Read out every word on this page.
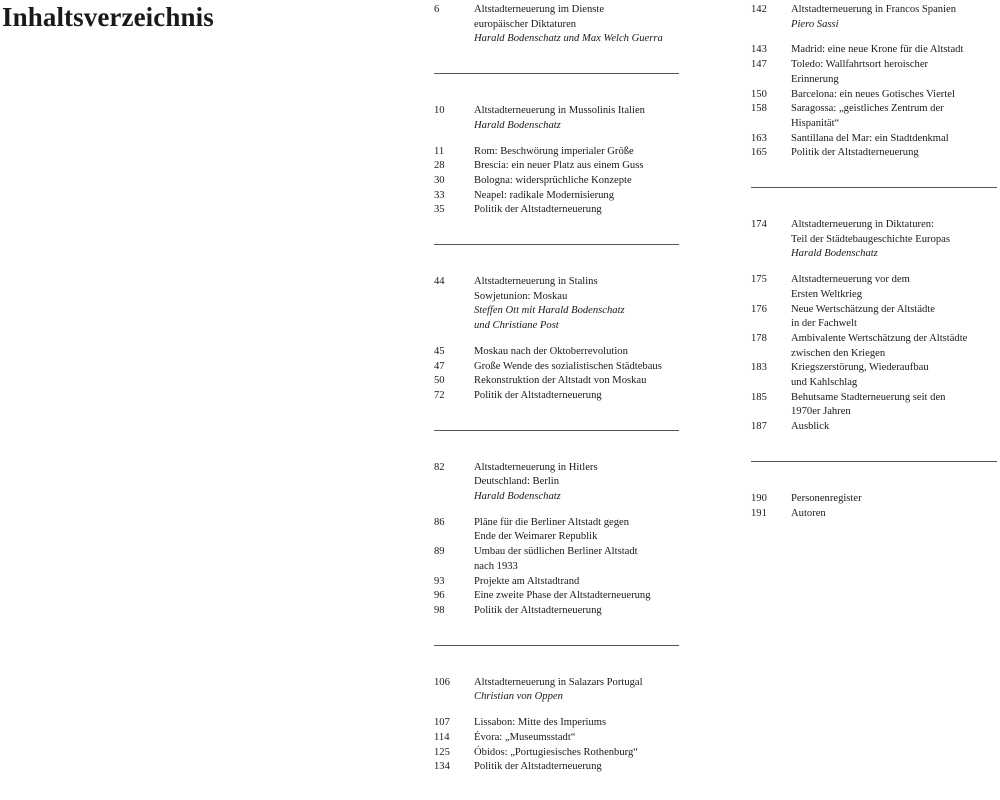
Inhaltsverzeichnis	6	Altstadterneuerung im Dienste
europäischer Diktaturen
Harald Bodenschatz und Max Welch Guerra
10	Altstadterneuerung in Mussolinis Italien
Harald Bodenschatz
11	Rom: Beschwörung imperialer Größe
28	Brescia: ein neuer Platz aus einem Guss
30	Bologna: widersprüchliche Konzepte
33	Neapel: radikale Modernisierung
35	Politik der Altstadterneuerung
44	Altstadterneuerung in Stalins
Sowjetunion: Moskau
Steffen Ott mit Harald Bodenschatz
und Christiane Post
45	Moskau nach der Oktoberrevolution
47	Große Wende des sozialistischen Städtebaus
50	Rekonstruktion der Altstadt von Moskau
72	Politik der Altstadterneuerung
82	Altstadterneuerung in Hitlers
Deutschland: Berlin
Harald Bodenschatz
86	Pläne für die Berliner Altstadt gegen
Ende der Weimarer Republik
89	Umbau der südlichen Berliner Altstadt
nach 1933
93	Projekte am Altstadtrand
96	Eine zweite Phase der Altstadterneuerung
98	Politik der Altstadterneuerung
106	Altstadterneuerung in Salazars Portugal
Christian von Oppen
107	Lissabon: Mitte des Imperiums
114	Évora: „Museumsstadt“
125	Óbidos: „Portugiesisches Rothenburg“
134	Politik der Altstadterneuerung
142	Altstadterneuerung in Francos Spanien
Piero Sassi
143	Madrid: eine neue Krone für die Altstadt
147	Toledo: Wallfahrtsort heroischer
Erinnerung
150	Barcelona: ein neues Gotisches Viertel
158	Saragossa: „geistliches Zentrum der
Hispanität“
163	Santillana del Mar: ein Stadtdenkmal
165	Politik der Altstadterneuerung
174	Altstadterneuerung in Diktaturen:
Teil der Städtebaugeschichte Europas
Harald Bodenschatz
175	Altstadterneuerung vor dem
Ersten Weltkrieg
176	Neue Wertschätzung der Altstädte
in der Fachwelt
178	Ambivalente Wertschätzung der Altstädte
zwischen den Kriegen
183	Kriegszerstörung, Wiederaufbau
und Kahlschlag
185	Behutsame Stadterneuerung seit den
1970er Jahren
187	Ausblick
190	Personenregister
191	Autoren
